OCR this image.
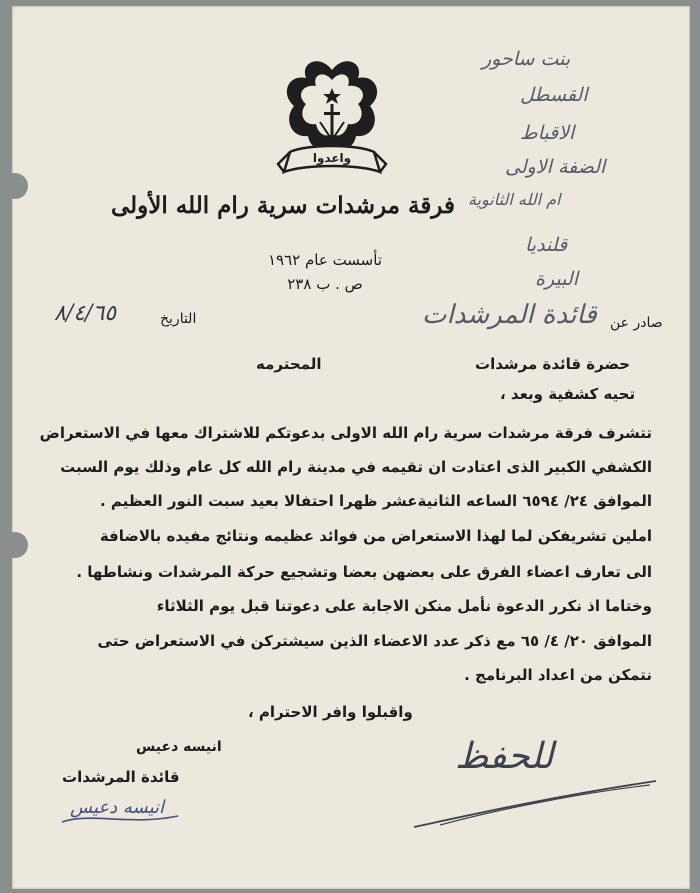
واعدوا
فرقة مرشدات سرية رام الله الأولى
تأسست عام ١٩٦٢
ص . ب ٢٣٨
التاريخ
٨/٤/٦٥	صادر عن
قائدة المرشدات
بنت ساحور
القسطل
الاقباط
الضفة الاولى
ام الله الثانوية
قلنديا
البيرة
حضرة قائدة مرشدات
المحترمه
تحيه كشفية وبعد ،
تتشرف فرقة مرشدات سرية رام الله الاولى بدعوتكم للاشتراك معها في الاستعراض
الكشفي الكبير الذى اعتادت ان تقيمه في مدينة رام الله كل عام وذلك يوم السبت
الموافق ٢٤/ ٦٥٩٤ الساعه الثانيةعشر ظهرا احتفالا بعيد سبت النور العظيم .
املين تشريفكن لما لهذا الاستعراض من فوائد عظيمه ونتائج مفيده بالاضافة
الى تعارف اعضاء الفرق على بعضهن بعضا وتشجيع حركة المرشدات ونشاطها .
وختاما اذ نكرر الدعوة نأمل منكن الاجابة على دعوتنا قبل يوم الثلاثاء
الموافق ٢٠/ ٤/ ٦٥ مع ذكر عدد الاعضاء الذين سيشتركن في الاستعراض حتى
نتمكن من اعداد البرنامج .
واقبلوا وافر الاحترام ،
انيسه دعيس
قائدة المرشدات
انيسه دعيس
للحفظ
